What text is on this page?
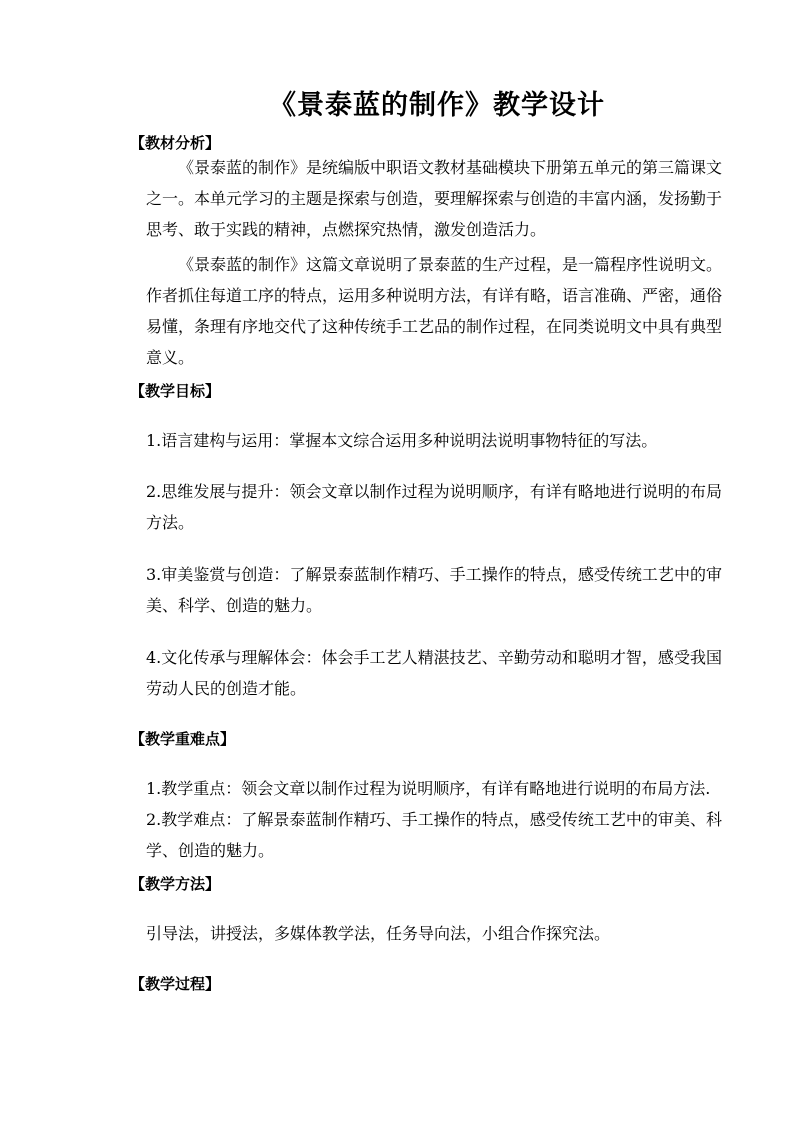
《景泰蓝的制作》教学设计
【教材分析】

《景泰蓝的制作》是统编版中职语文教材基础模块下册第五单元的第三篇课文之一。本单元学习的主题是探索与创造，要理解探索与创造的丰富内涵，发扬勤于思考、敢于实践的精神，点燃探究热情，激发创造活力。

《景泰蓝的制作》这篇文章说明了景泰蓝的生产过程，是一篇程序性说明文。作者抓住每道工序的特点，运用多种说明方法，有详有略，语言准确、严密，通俗易懂，条理有序地交代了这种传统手工艺品的制作过程，在同类说明文中具有典型意义。

【教学目标】

1.语言建构与运用：掌握本文综合运用多种说明法说明事物特征的写法。

2.思维发展与提升：领会文章以制作过程为说明顺序，有详有略地进行说明的布局方法。

3.审美鉴赏与创造：了解景泰蓝制作精巧、手工操作的特点，感受传统工艺中的审美、科学、创造的魅力。

4.文化传承与理解体会：体会手工艺人精湛技艺、辛勤劳动和聪明才智，感受我国劳动人民的创造才能。

【教学重难点】

1.教学重点：领会文章以制作过程为说明顺序，有详有略地进行说明的布局方法.

2.教学难点：了解景泰蓝制作精巧、手工操作的特点，感受传统工艺中的审美、科学、创造的魅力。

【教学方法】

引导法，讲授法，多媒体教学法，任务导向法，小组合作探究法。

【教学过程】
